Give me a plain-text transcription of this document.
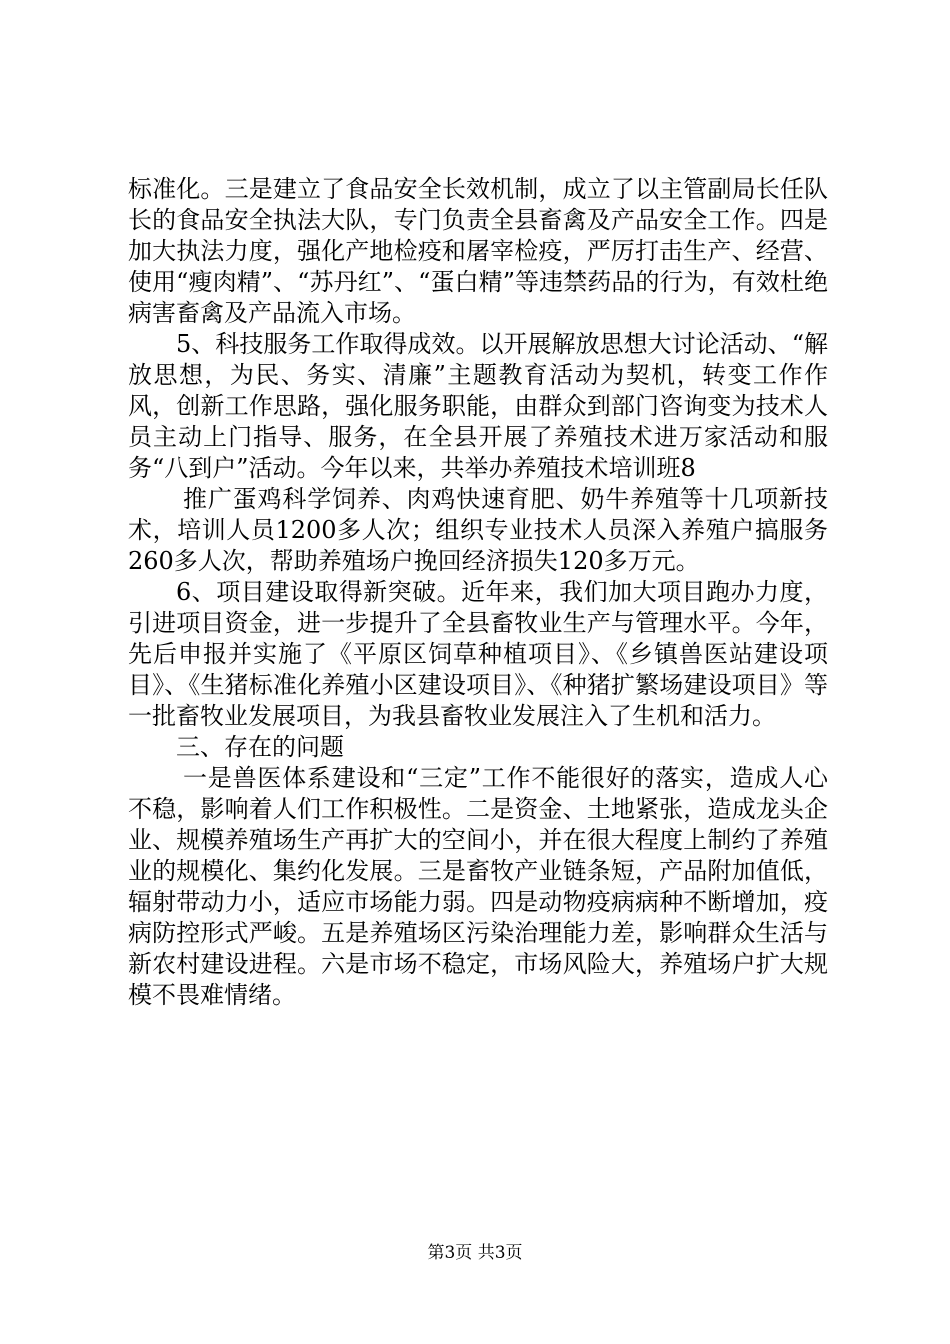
标准化。三是建立了食品安全长效机制，成立了以主管副局长任队长的食品安全执法大队，专门负责全县畜禽及产品安全工作。四是加大执法力度，强化产地检疫和屠宰检疫，严厉打击生产、经营、使用“瘦肉精”、“苏丹红”、“蛋白精”等违禁药品的行为，有效杜绝病害畜禽及产品流入市场。

5、科技服务工作取得成效。以开展解放思想大讨论活动、“解放思想，为民、务实、清廉”主题教育活动为契机，转变工作作风，创新工作思路，强化服务职能，由群众到部门咨询变为技术人员主动上门指导、服务，在全县开展了养殖技术进万家活动和服务“八到户”活动。今年以来，共举办养殖技术培训班8

推广蛋鸡科学饲养、肉鸡快速育肥、奶牛养殖等十几项新技术，培训人员1200多人次；组织专业技术人员深入养殖户搞服务260多人次，帮助养殖场户挽回经济损失120多万元。

6、项目建设取得新突破。近年来，我们加大项目跑办力度，引进项目资金，进一步提升了全县畜牧业生产与管理水平。今年，先后申报并实施了《平原区饲草种植项目》、《乡镇兽医站建设项目》、《生猪标准化养殖小区建设项目》、《种猪扩繁场建设项目》等一批畜牧业发展项目，为我县畜牧业发展注入了生机和活力。

三、存在的问题

一是兽医体系建设和“三定”工作不能很好的落实，造成人心不稳，影响着人们工作积极性。二是资金、土地紧张，造成龙头企业、规模养殖场生产再扩大的空间小，并在很大程度上制约了养殖业的规模化、集约化发展。三是畜牧产业链条短，产品附加值低，辐射带动力小，适应市场能力弱。四是动物疫病病种不断增加，疫病防控形式严峻。五是养殖场区污染治理能力差，影响群众生活与新农村建设进程。六是市场不稳定，市场风险大，养殖场户扩大规模不畏难情绪。

第3页 共3页
